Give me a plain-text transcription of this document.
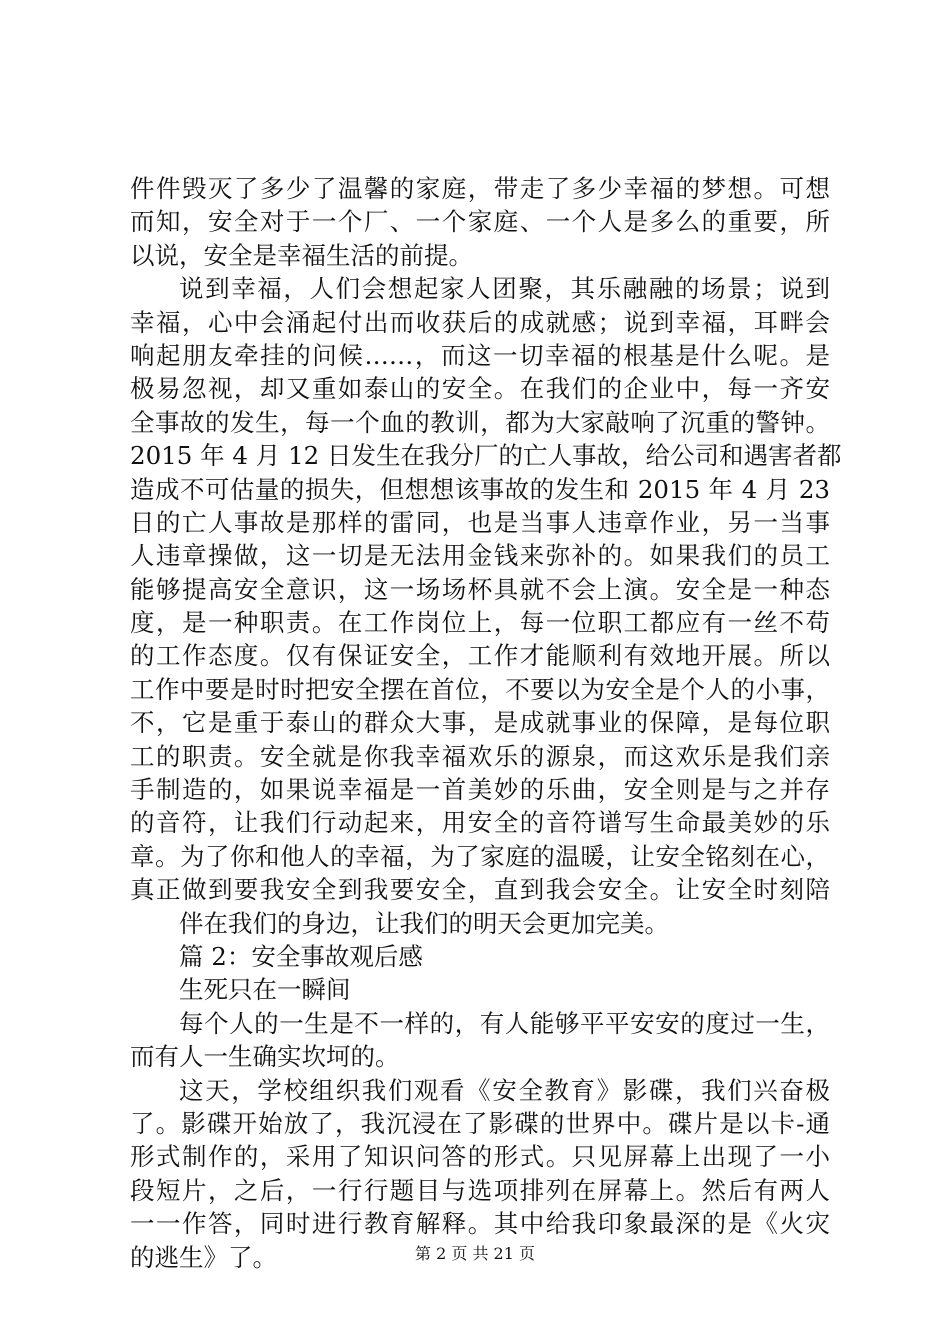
件件毁灭了多少了温馨的家庭，带走了多少幸福的梦想。可想
而知，安全对于一个厂、一个家庭、一个人是多么的重要，所
以说，安全是幸福生活的前提。
说到幸福，人们会想起家人团聚，其乐融融的场景；说到
幸福，心中会涌起付出而收获后的成就感；说到幸福，耳畔会
响起朋友牵挂的问候……，而这一切幸福的根基是什么呢。是
极易忽视，却又重如泰山的安全。在我们的企业中，每一齐安
全事故的发生，每一个血的教训，都为大家敲响了沉重的警钟。
2015 年 4 月 12 日发生在我分厂的亡人事故，给公司和遇害者都
造成不可估量的损失，但想想该事故的发生和 2015 年 4 月 23
日的亡人事故是那样的雷同，也是当事人违章作业，另一当事
人违章操做，这一切是无法用金钱来弥补的。如果我们的员工
能够提高安全意识，这一场场杯具就不会上演。安全是一种态
度，是一种职责。在工作岗位上，每一位职工都应有一丝不苟
的工作态度。仅有保证安全，工作才能顺利有效地开展。所以
工作中要是时时把安全摆在首位，不要以为安全是个人的小事，
不，它是重于泰山的群众大事，是成就事业的保障，是每位职
工的职责。安全就是你我幸福欢乐的源泉，而这欢乐是我们亲
手制造的，如果说幸福是一首美妙的乐曲，安全则是与之并存
的音符，让我们行动起来，用安全的音符谱写生命最美妙的乐
章。为了你和他人的幸福，为了家庭的温暖，让安全铭刻在心，
真正做到要我安全到我要安全，直到我会安全。让安全时刻陪
伴在我们的身边，让我们的明天会更加完美。
篇 2：安全事故观后感
生死只在一瞬间
每个人的一生是不一样的，有人能够平平安安的度过一生，
而有人一生确实坎坷的。
这天，学校组织我们观看《安全教育》影碟，我们兴奋极
了。影碟开始放了，我沉浸在了影碟的世界中。碟片是以卡-通
形式制作的，采用了知识问答的形式。只见屏幕上出现了一小
段短片，之后，一行行题目与选项排列在屏幕上。然后有两人
一一作答，同时进行教育解释。其中给我印象最深的是《火灾
的逃生》了。	第 2 页 共 21 页
